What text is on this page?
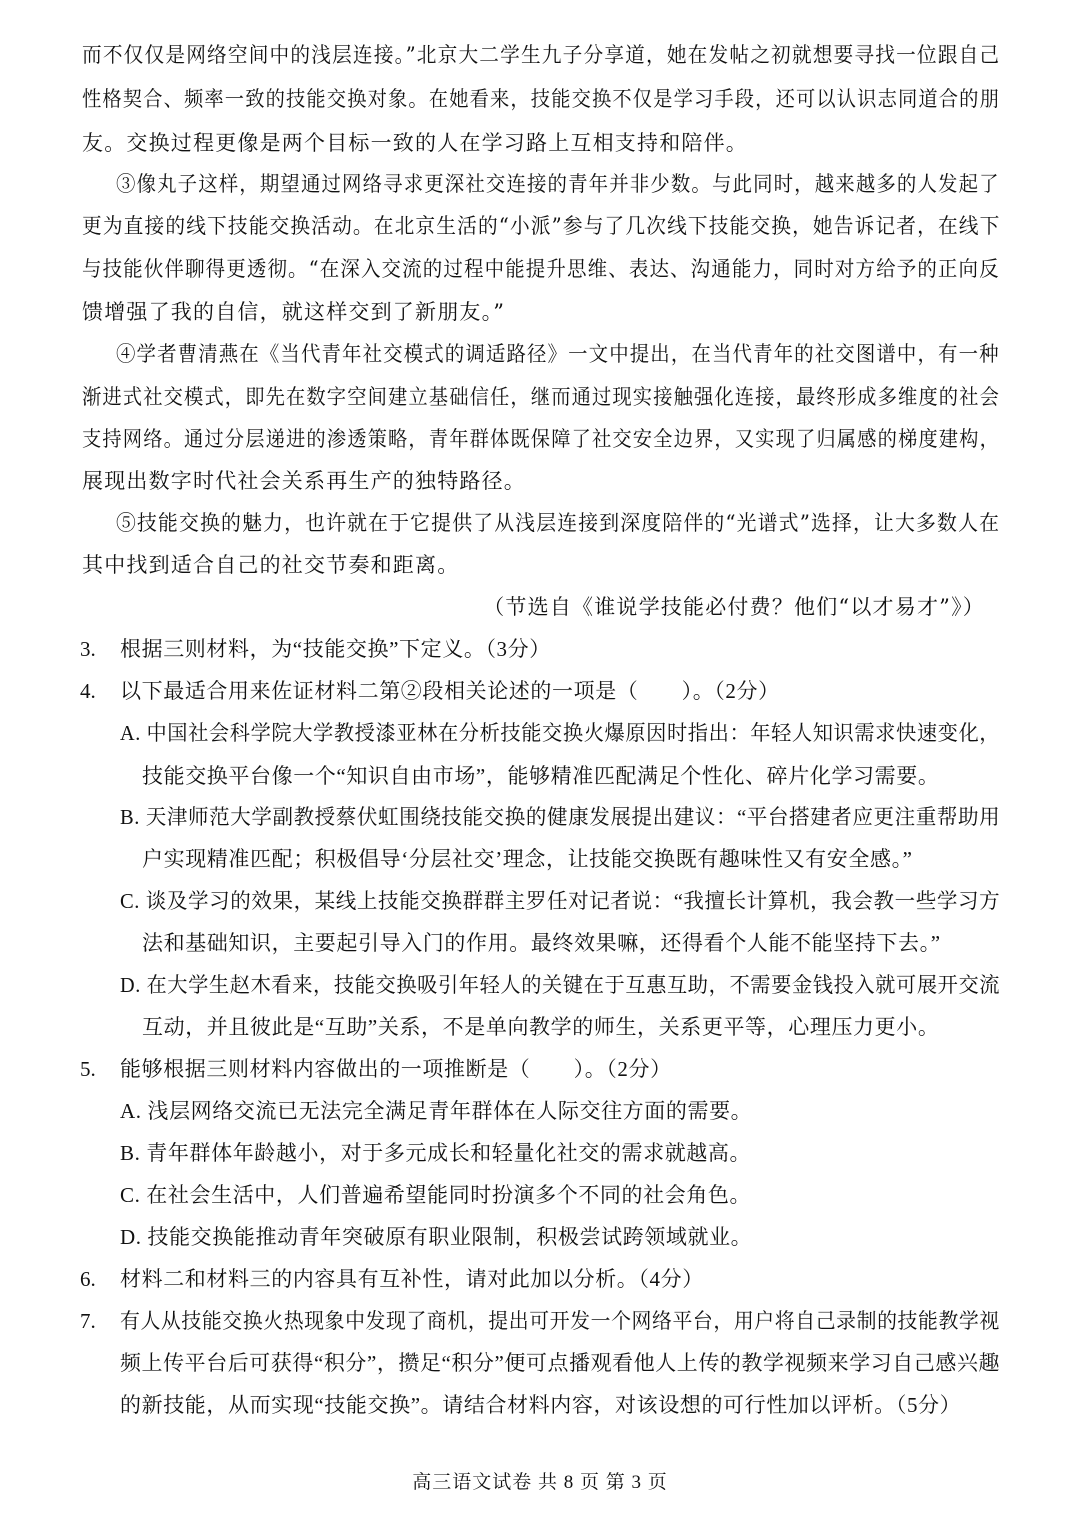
而不仅仅是网络空间中的浅层连接。”北京大二学生九子分享道，她在发帖之初就想要寻找一位跟自己
性格契合、频率一致的技能交换对象。在她看来，技能交换不仅是学习手段，还可以认识志同道合的朋
友。交换过程更像是两个目标一致的人在学习路上互相支持和陪伴。
③像丸子这样，期望通过网络寻求更深社交连接的青年并非少数。与此同时，越来越多的人发起了
更为直接的线下技能交换活动。在北京生活的“小派”参与了几次线下技能交换，她告诉记者，在线下
与技能伙伴聊得更透彻。“在深入交流的过程中能提升思维、表达、沟通能力，同时对方给予的正向反
馈增强了我的自信，就这样交到了新朋友。”
④学者曹清燕在《当代青年社交模式的调适路径》一文中提出，在当代青年的社交图谱中，有一种
渐进式社交模式，即先在数字空间建立基础信任，继而通过现实接触强化连接，最终形成多维度的社会
支持网络。通过分层递进的渗透策略，青年群体既保障了社交安全边界，又实现了归属感的梯度建构，
展现出数字时代社会关系再生产的独特路径。
⑤技能交换的魅力，也许就在于它提供了从浅层连接到深度陪伴的“光谱式”选择，让大多数人在
其中找到适合自己的社交节奏和距离。
（节选自《谁说学技能必付费？他们“以才易才”》）
3. 根据三则材料，为“技能交换”下定义。（3分）
4. 以下最适合用来佐证材料二第②段相关论述的一项是（　　）。（2分）
A. 中国社会科学院大学教授漆亚林在分析技能交换火爆原因时指出：年轻人知识需求快速变化，
技能交换平台像一个“知识自由市场”，能够精准匹配满足个性化、碎片化学习需要。
B. 天津师范大学副教授蔡伏虹围绕技能交换的健康发展提出建议：“平台搭建者应更注重帮助用
户实现精准匹配；积极倡导‘分层社交’理念，让技能交换既有趣味性又有安全感。”
C. 谈及学习的效果，某线上技能交换群群主罗任对记者说：“我擅长计算机，我会教一些学习方
法和基础知识，主要起引导入门的作用。最终效果嘛，还得看个人能不能坚持下去。”
D. 在大学生赵木看来，技能交换吸引年轻人的关键在于互惠互助，不需要金钱投入就可展开交流
互动，并且彼此是“互助”关系，不是单向教学的师生，关系更平等，心理压力更小。
5. 能够根据三则材料内容做出的一项推断是（　　）。（2分）
A. 浅层网络交流已无法完全满足青年群体在人际交往方面的需要。
B. 青年群体年龄越小，对于多元成长和轻量化社交的需求就越高。
C. 在社会生活中，人们普遍希望能同时扮演多个不同的社会角色。
D. 技能交换能推动青年突破原有职业限制，积极尝试跨领域就业。
6. 材料二和材料三的内容具有互补性，请对此加以分析。（4分）
7. 有人从技能交换火热现象中发现了商机，提出可开发一个网络平台，用户将自己录制的技能教学视
频上传平台后可获得“积分”，攒足“积分”便可点播观看他人上传的教学视频来学习自己感兴趣
的新技能，从而实现“技能交换”。请结合材料内容，对该设想的可行性加以评析。（5分）
高三语文试卷 共 8 页 第 3 页
